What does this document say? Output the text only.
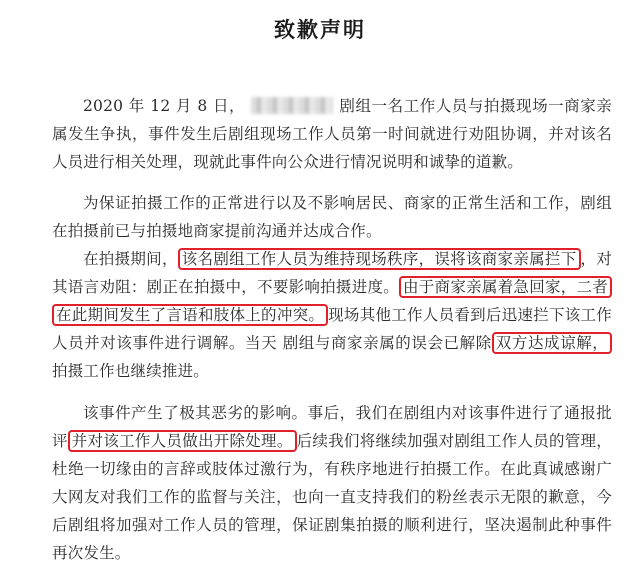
致歉声明

2020 年 12 月 8 日，	剧组一名工作人员与拍摄现场一商家亲属发生争执，事件发生后剧组现场工作人员第一时间就进行劝阻协调，并对该名人员进行相关处理，现就此事件向公众进行情况说明和诚挚的道歉。

为保证拍摄工作的正常进行以及不影响居民、商家的正常生活和工作，剧组在拍摄前已与拍摄地商家提前沟通并达成合作。

在拍摄期间， 该名剧组工作人员为维持现场秩序，误将该商家亲属拦下 ，对其语言劝阻：剧正在拍摄中，不要影响拍摄进度。 由于商家亲属着急回家，二者在此期间发生了言语和肢体上的冲突。 现场其他工作人员看到后迅速拦下该工作人员并对该事件进行调解。当天 剧组与商家亲属的误会已解除 双方达成谅解，拍摄工作也继续推进。

该事件产生了极其恶劣的影响。事后，我们在剧组内对该事件进行了通报批评 并对该工作人员做出开除处理。 后续我们将继续加强对剧组工作人员的管理，杜绝一切缘由的言辞或肢体过激行为，有秩序地进行拍摄工作。在此真诚感谢广大网友对我们工作的监督与关注，也向一直支持我们的粉丝表示无限的歉意，今后剧组将加强对工作人员的管理，保证剧集拍摄的顺利进行，坚决遏制此种事件再次发生。
